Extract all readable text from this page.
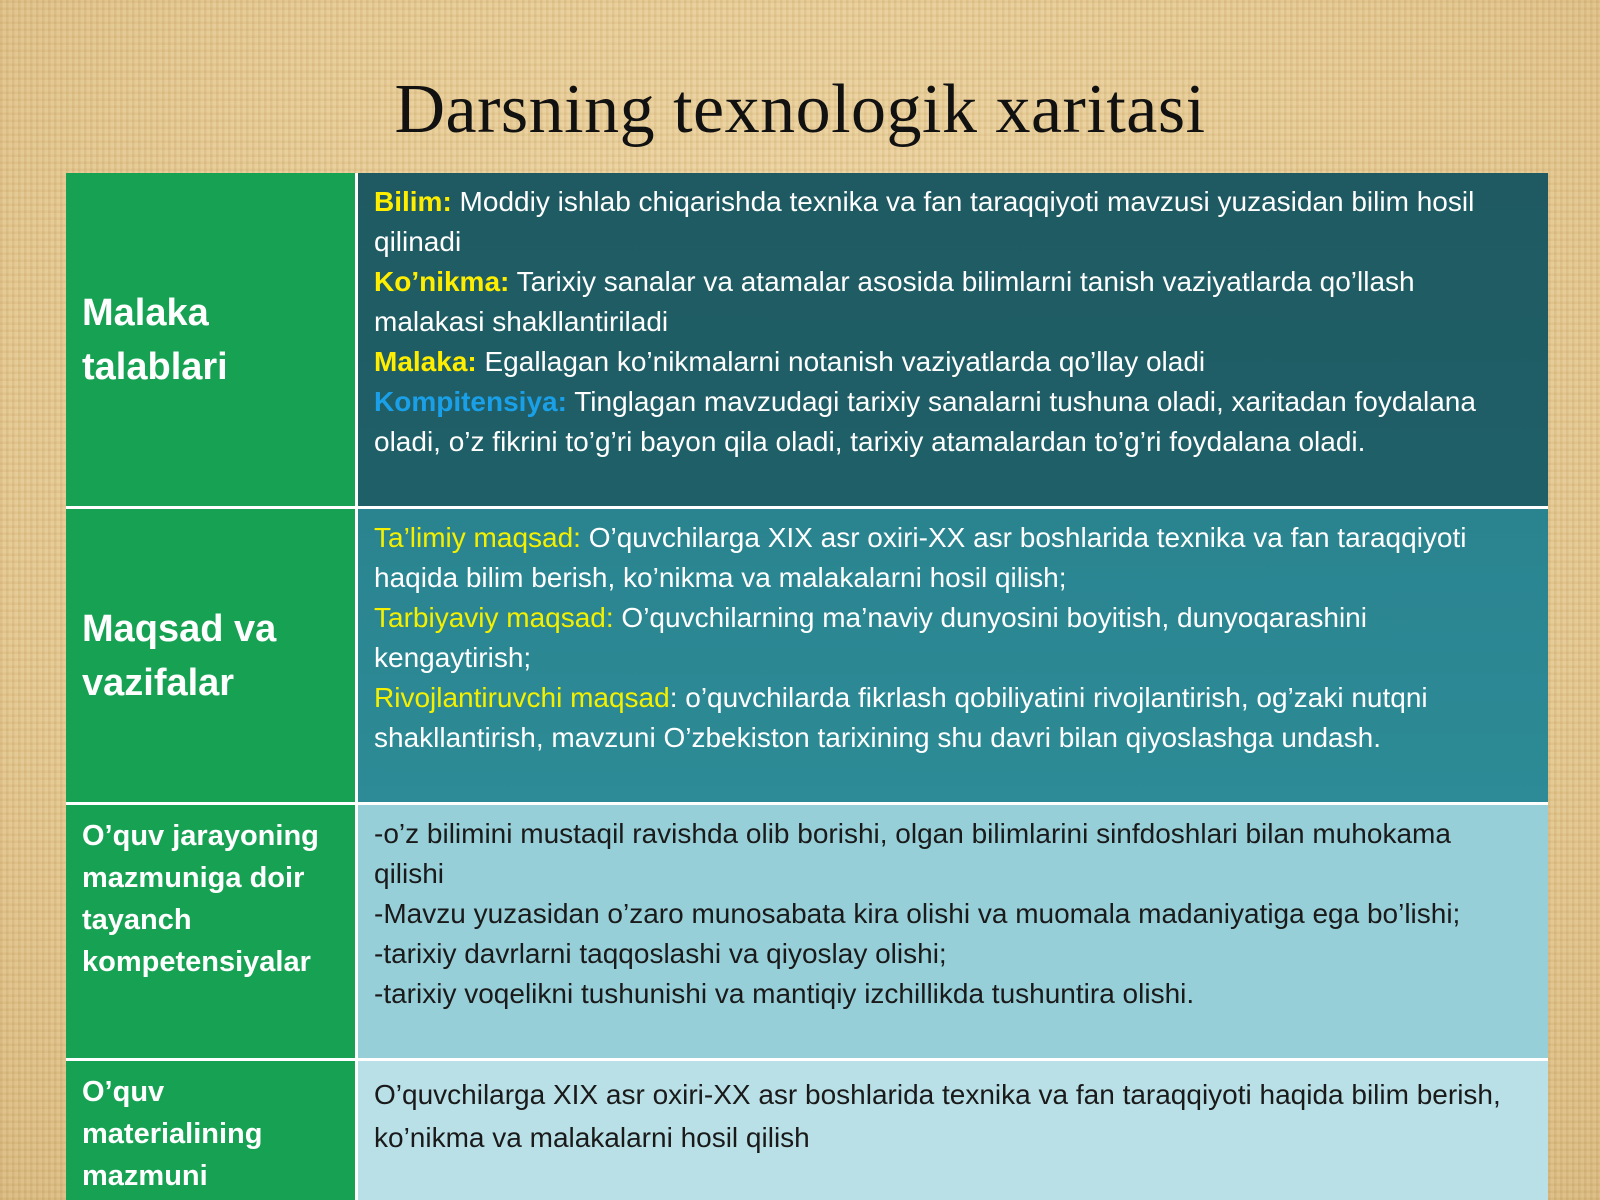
Darsning texnologik xaritasi
Malaka talablari
Bilim: Moddiy ishlab chiqarishda texnika va fan taraqqiyoti mavzusi yuzasidan bilim hosil qilinadi
Ko’nikma: Tarixiy sanalar va atamalar asosida bilimlarni tanish vaziyatlarda qo’llash malakasi shakllantiriladi
Malaka: Egallagan ko’nikmalarni notanish vaziyatlarda qo’llay oladi
Kompitensiya: Tinglagan mavzudagi tarixiy sanalarni tushuna oladi, xaritadan foydalana oladi, o’z fikrini to’g’ri bayon qila oladi, tarixiy atamalardan to’g’ri foydalana oladi.
Maqsad va vazifalar
Ta’limiy maqsad: O’quvchilarga XIX asr oxiri-XX asr boshlarida texnika va fan taraqqiyoti haqida bilim berish, ko’nikma va malakalarni hosil qilish;
Tarbiyaviy maqsad: O’quvchilarning ma’naviy dunyosini boyitish, dunyoqarashini kengaytirish;
Rivojlantiruvchi maqsad: o’quvchilarda fikrlash qobiliyatini rivojlantirish, og’zaki nutqni shakllantirish, mavzuni O’zbekiston tarixining shu davri bilan qiyoslashga undash.
O’quv jarayoning mazmuniga doir tayanch kompetensiyalar
-o’z bilimini mustaqil ravishda olib borishi, olgan bilimlarini sinfdoshlari bilan muhokama qilishi
-Mavzu yuzasidan o’zaro munosabata kira olishi va muomala madaniyatiga ega bo’lishi;
-tarixiy davrlarni taqqoslashi va qiyoslay olishi;
-tarixiy voqelikni tushunishi va mantiqiy izchillikda tushuntira olishi.
O’quv materialining mazmuni
O’quvchilarga XIX asr oxiri-XX asr boshlarida texnika va fan taraqqiyoti haqida bilim berish, ko’nikma va malakalarni hosil qilish
